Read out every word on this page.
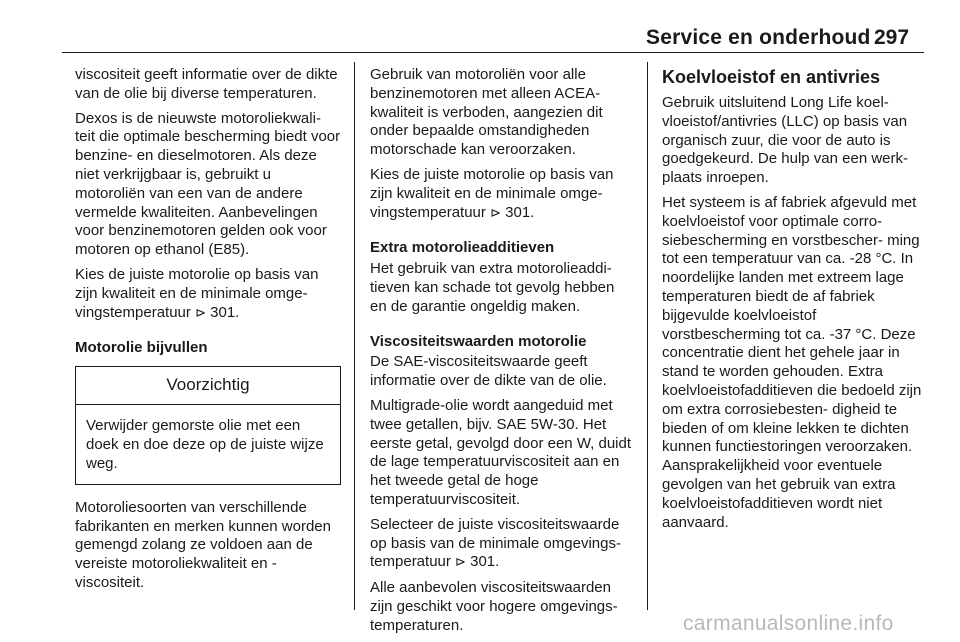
Service en onderhoud 297

viscositeit geeft informatie over de dikte van de olie bij diverse temperaturen.

Dexos is de nieuwste motoroliekwali- teit die optimale bescherming biedt voor benzine- en dieselmotoren. Als deze niet verkrijgbaar is, gebruikt u motoroliën van een van de andere vermelde kwaliteiten. Aanbevelingen voor benzinemotoren gelden ook voor motoren op ethanol (E85).

Kies de juiste motorolie op basis van zijn kwaliteit en de minimale omge- vingstemperatuur ⊳ 301.

Motorolie bijvullen
Voorzichtig
Verwijder gemorste olie met een doek en doe deze op de juiste wijze weg.

Motoroliesoorten van verschillende fabrikanten en merken kunnen worden gemengd zolang ze voldoen aan de vereiste motoroliekwaliteit en -viscositeit.

Gebruik van motoroliën voor alle benzinemotoren met alleen ACEA- kwaliteit is verboden, aangezien dit onder bepaalde omstandigheden motorschade kan veroorzaken.

Kies de juiste motorolie op basis van zijn kwaliteit en de minimale omge- vingstemperatuur ⊳ 301.

Extra motorolieadditieven

Het gebruik van extra motorolieaddi- tieven kan schade tot gevolg hebben en de garantie ongeldig maken.

Viscositeitswaarden motorolie

De SAE-viscositeitswaarde geeft informatie over de dikte van de olie.

Multigrade-olie wordt aangeduid met twee getallen, bijv. SAE 5W-30. Het eerste getal, gevolgd door een W, duidt de lage temperatuurviscositeit aan en het tweede getal de hoge temperatuurviscositeit.

Selecteer de juiste viscositeitswaarde op basis van de minimale omgevings- temperatuur ⊳ 301.

Alle aanbevolen viscositeitswaarden zijn geschikt voor hogere omgevings- temperaturen.

Koelvloeistof en antivries

Gebruik uitsluitend Long Life koel- vloeistof/antivries (LLC) op basis van organisch zuur, die voor de auto is goedgekeurd. De hulp van een werk- plaats inroepen.

Het systeem is af fabriek afgevuld met koelvloeistof voor optimale corro- siebescherming en vorstbescher- ming tot een temperatuur van ca. -28 °C. In noordelijke landen met extreem lage temperaturen biedt de af fabriek bijgevulde koelvloeistof vorstbescherming tot ca. -37 °C. Deze concentratie dient het gehele jaar in stand te worden gehouden. Extra koelvloeistofadditieven die bedoeld zijn om extra corrosiebesten- digheid te bieden of om kleine lekken te dichten kunnen functiestoringen veroorzaken. Aansprakelijkheid voor eventuele gevolgen van het gebruik van extra koelvloeistofadditieven wordt niet aanvaard.

carmanualsonline.info
